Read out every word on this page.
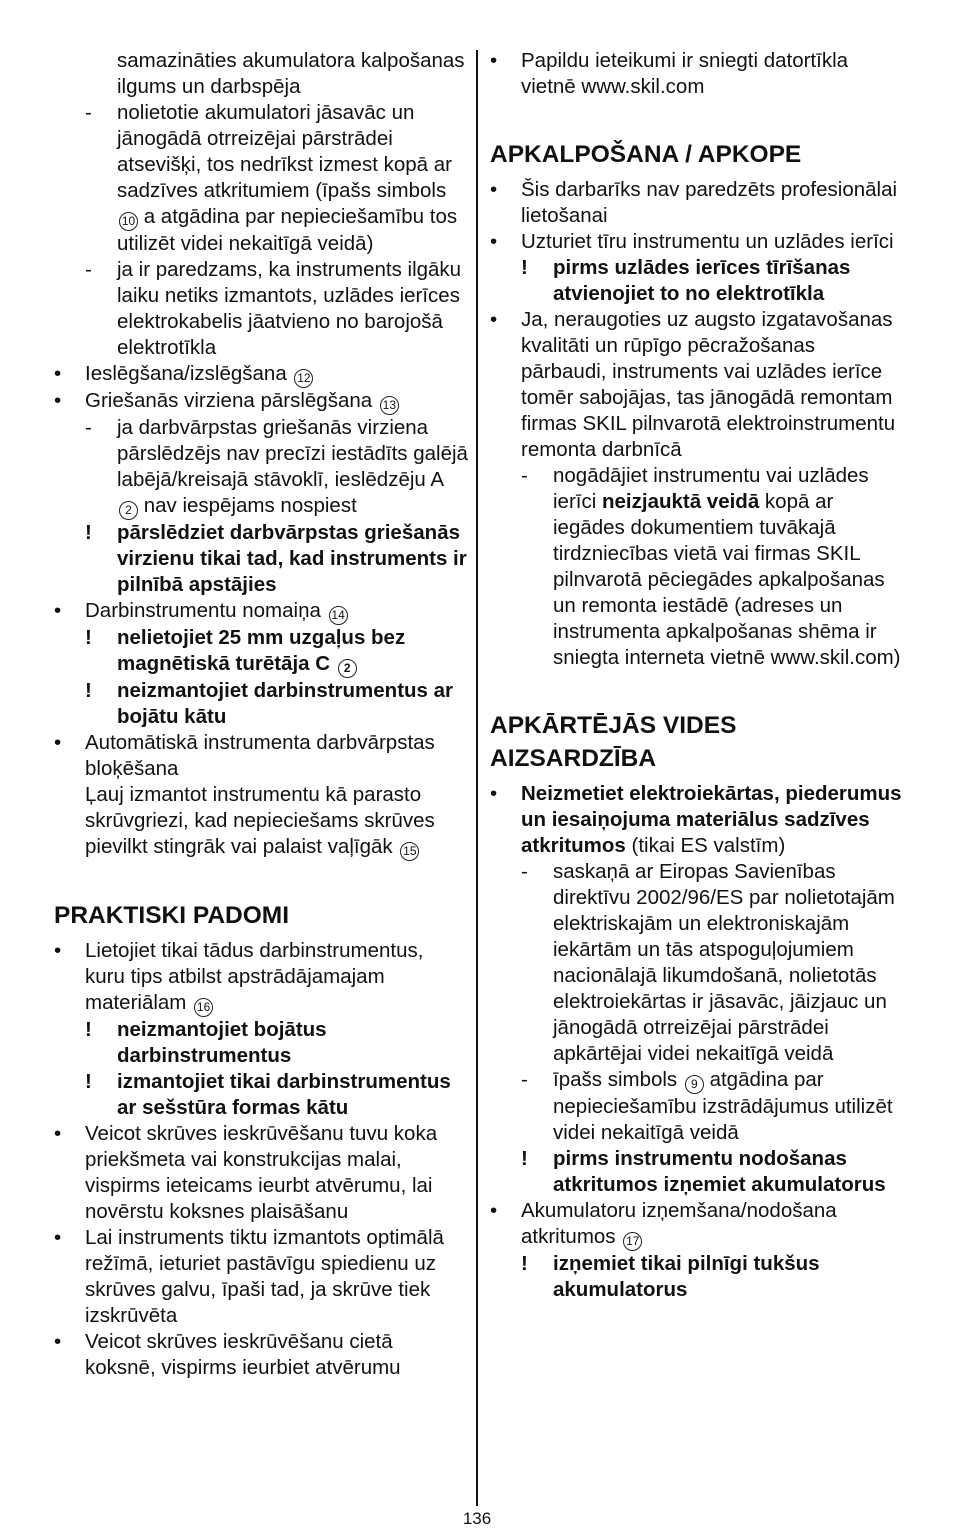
samazināties akumulatora kalpošanas ilgums un darbspēja
-	nolietotie akumulatori jāsavāc un jānogādā otrreizējai pārstrādei atsevišķi, tos nedrīkst izmest kopā ar sadzīves atkritumiem (īpašs simbols 10 a atgādina par nepieciešamību tos utilizēt videi nekaitīgā veidā)
-	ja ir paredzams, ka instruments ilgāku laiku netiks izmantots, uzlādes ierīces elektrokabelis jāatvieno no barojošā elektrotīkla
•	Ieslēgšana/izslēgšana 12
•	Griešanās virziena pārslēgšana 13
-	ja darbvārpstas griešanās virziena pārslēdzējs nav precīzi iestādīts galējā labējā/kreisajā stāvoklī, ieslēdzēju A 2 nav iespējams nospiest
!	pārslēdziet darbvārpstas griešanās virzienu tikai tad, kad instruments ir pilnībā apstājies
•	Darbinstrumentu nomaiņa 14
!	nelietojiet 25 mm uzgaļus bez magnētiskā turētāja C 2
!	neizmantojiet darbinstrumentus ar bojātu kātu
•	Automātiskā instrumenta darbvārpstas bloķēšana
Ļauj izmantot instrumentu kā parasto skrūvgriezi, kad nepieciešams skrūves pievilkt stingrāk vai palaist vaļīgāk 15
PRAKTISKI PADOMI
•	Lietojiet tikai tādus darbinstrumentus, kuru tips atbilst apstrādājamajam materiālam 16
!	neizmantojiet bojātus darbinstrumentus
!	izmantojiet tikai darbinstrumentus ar sešstūra formas kātu
•	Veicot skrūves ieskrūvēšanu tuvu koka priekšmeta vai konstrukcijas malai, vispirms ieteicams ieurbt atvērumu, lai novērstu koksnes plaisāšanu
•	Lai instruments tiktu izmantots optimālā režīmā, ieturiet pastāvīgu spiedienu uz skrūves galvu, īpaši tad, ja skrūve tiek izskrūvēta
•	Veicot skrūves ieskrūvēšanu cietā koksnē, vispirms ieurbiet atvērumu
•	Papildu ieteikumi ir sniegti datortīkla vietnē www.skil.com
APKALPOŠANA / APKOPE
•	Šis darbarīks nav paredzēts profesionālai lietošanai
•	Uzturiet tīru instrumentu un uzlādes ierīci
!	pirms uzlādes ierīces tīrīšanas atvienojiet to no elektrotīkla
•	Ja, neraugoties uz augsto izgatavošanas kvalitāti un rūpīgo pēcražošanas pārbaudi, instruments vai uzlādes ierīce tomēr sabojājas, tas jānogādā remontam firmas SKIL pilnvarotā elektroinstrumentu remonta darbnīcā
-	nogādājiet instrumentu vai uzlādes ierīci neizjauktā veidā kopā ar iegādes dokumentiem tuvākajā tirdzniecības vietā vai firmas SKIL pilnvarotā pēciegādes apkalpošanas un remonta iestādē (adreses un instrumenta apkalpošanas shēma ir sniegta interneta vietnē www.skil.com)
APKĀRTĒJĀS VIDES AIZSARDZĪBA
•	Neizmetiet elektroiekārtas, piederumus un iesaiņojuma materiālus sadzīves atkritumos (tikai ES valstīm)
-	saskaņā ar Eiropas Savienības direktīvu 2002/96/ES par nolietotajām elektriskajām un elektroniskajām iekārtām un tās atspoguļojumiem nacionālajā likumdošanā, nolietotās elektroiekārtas ir jāsavāc, jāizjauc un jānogādā otrreizējai pārstrādei apkārtējai videi nekaitīgā veidā
-	īpašs simbols 9 atgādina par nepieciešamību izstrādājumus utilizēt videi nekaitīgā veidā
!	pirms instrumentu nodošanas atkritumos izņemiet akumulatorus
•	Akumulatoru izņemšana/nodošana atkritumos 17
!	izņemiet tikai pilnīgi tukšus akumulatorus
136
